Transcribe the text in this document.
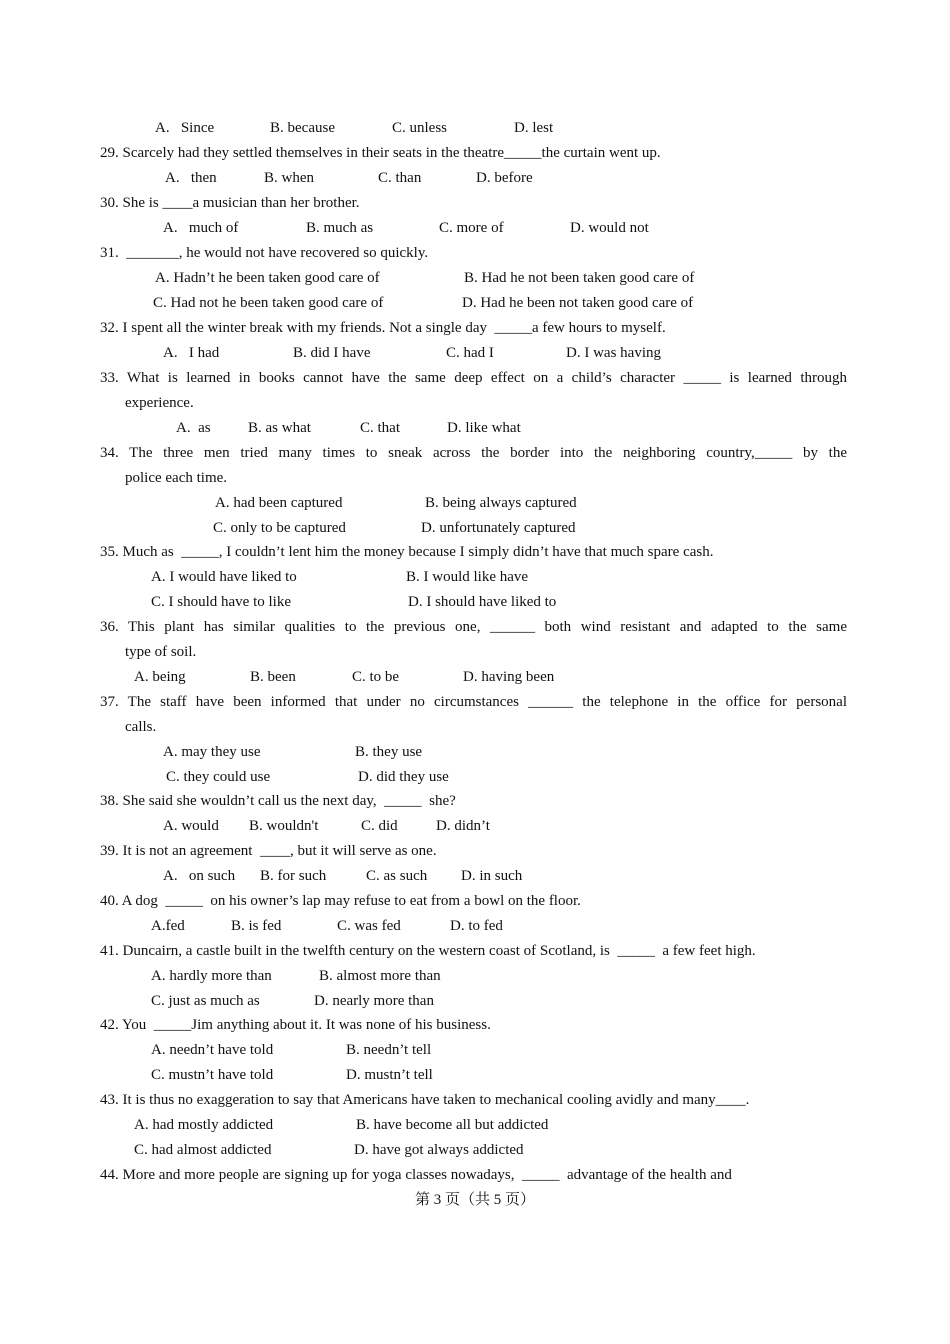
A.   Since	B. because	C. unless	D. lest
29. Scarcely had they settled themselves in their seats in the theatre_____the curtain went up.
A.   then	B. when	C. than	D. before
30. She is ____a musician than her brother.
A.   much of	B. much as	C. more of	D. would not
31.  _______, he would not have recovered so quickly.
A. Hadn’t he been taken good care of	B. Had he not been taken good care of
C. Had not he been taken good care of	D. Had he been not taken good care of
32. I spent all the winter break with my friends. Not a single day  _____a few hours to myself.
A.   I had	B. did I have	C. had I	D. I was having
33. What is learned in books cannot have the same deep effect on a child’s character _____ is learned through
experience.
A.  as B. as what	C. that	D. like what
34. The three men tried many times to sneak across the border into the neighboring country,_____ by the
police each time.
A. had been captured	B. being always captured
C. only to be captured	D. unfortunately captured
35. Much as  _____, I couldn’t lent him the money because I simply didn’t have that much spare cash.
A. I would have liked to	B. I would like have
C. I should have to like	D. I should have liked to
36. This plant has similar qualities to the previous one, ______ both wind resistant and adapted to the same
type of soil.
A. being	B. been	C. to be	D. having been
37. The staff have been informed that under no circumstances ______ the telephone in the office for personal
calls.
A. may they use	B. they use
C. they could use	D. did they use
38. She said she wouldn’t call us the next day,  _____  she?
A. would B. wouldn't	C. did	D. didn’t
39. It is not an agreement  ____, but it will serve as one.
A.   on such B. for such	C. as such D. in such
40. A dog  _____  on his owner’s lap may refuse to eat from a bowl on the floor.
A.fed	B. is fed	C. was fed	D. to fed
41. Duncairn, a castle built in the twelfth century on the western coast of Scotland, is  _____  a few feet high.
A. hardly more than	B. almost more than
C. just as much as	D. nearly more than
42. You  _____Jim anything about it. It was none of his business.
A. needn’t have told	B. needn’t tell
C. mustn’t have told	D. mustn’t tell
43. It is thus no exaggeration to say that Americans have taken to mechanical cooling avidly and many____.
A. had mostly addicted	B. have become all but addicted
C. had almost addicted	D. have got always addicted
44. More and more people are signing up for yoga classes nowadays,  _____  advantage of the health and
第 3 页（共 5 页）
